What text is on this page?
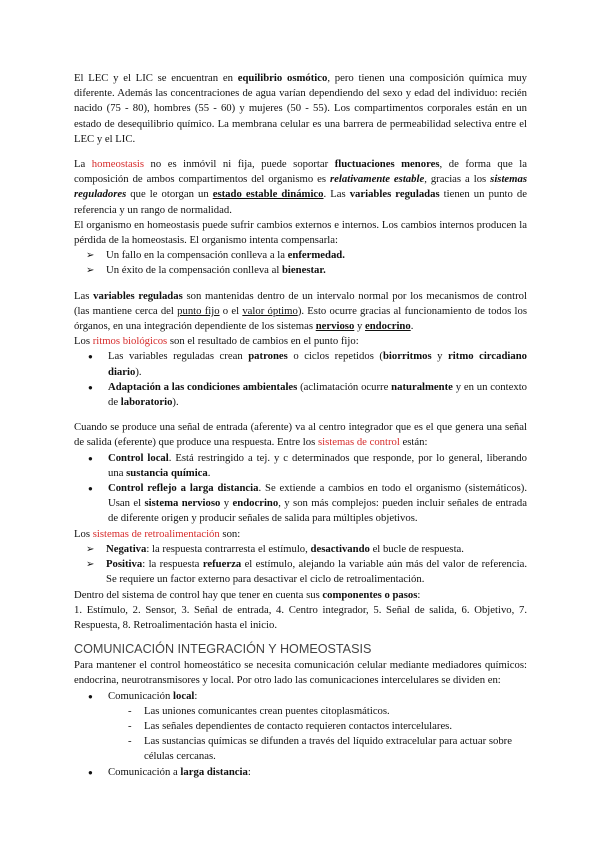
El LEC y el LIC se encuentran en equilibrio osmótico, pero tienen una composición química muy diferente. Además las concentraciones de agua varían dependiendo del sexo y edad del individuo: recién nacido (75 - 80), hombres (55 - 60) y mujeres (50 - 55). Los compartimentos corporales están en un estado de desequilibrio químico. La membrana celular es una barrera de permeabilidad selectiva entre el LEC y el LIC.

La homeostasis no es inmóvil ni fija, puede soportar fluctuaciones menores, de forma que la composición de ambos compartimentos del organismo es relativamente estable, gracias a los sistemas reguladores que le otorgan un estado estable dinámico. Las variables reguladas tienen un punto de referencia y un rango de normalidad.

El organismo en homeostasis puede sufrir cambios externos e internos. Los cambios internos producen la pérdida de la homeostasis. El organismo intenta compensarla:

➢ Un fallo en la compensación conlleva a la enfermedad.
➢ Un éxito de la compensación conlleva al bienestar.

Las variables reguladas son mantenidas dentro de un intervalo normal por los mecanismos de control (las mantiene cerca del punto fijo o el valor óptimo). Esto ocurre gracias al funcionamiento de todos los órganos, en una integración dependiente de los sistemas nervioso y endocrino.

Los ritmos biológicos son el resultado de cambios en el punto fijo:

● Las variables reguladas crean patrones o ciclos repetidos (biorritmos y ritmo circadiano diario).
● Adaptación a las condiciones ambientales (aclimatación ocurre naturalmente y en un contexto de laboratorio).

Cuando se produce una señal de entrada (aferente) va al centro integrador que es el que genera una señal de salida (eferente) que produce una respuesta. Entre los sistemas de control están:

● Control local. Está restringido a tej. y c determinados que responde, por lo general, liberando una sustancia química.
● Control reflejo a larga distancia. Se extiende a cambios en todo el organismo (sistemáticos). Usan el sistema nervioso y endocrino, y son más complejos: pueden incluir señales de entrada de diferente origen y producir señales de salida para múltiples objetivos.

Los sistemas de retroalimentación son:

➢ Negativa: la respuesta contrarresta el estímulo, desactivando el bucle de respuesta.
➢ Positiva: la respuesta refuerza el estímulo, alejando la variable aún más del valor de referencia. Se requiere un factor externo para desactivar el ciclo de retroalimentación.

Dentro del sistema de control hay que tener en cuenta sus componentes o pasos:

1. Estímulo, 2. Sensor, 3. Señal de entrada, 4. Centro integrador, 5. Señal de salida, 6. Objetivo, 7. Respuesta, 8. Retroalimentación hasta el inicio.

COMUNICACIÓN INTEGRACIÓN Y HOMEOSTASIS

Para mantener el control homeostático se necesita comunicación celular mediante mediadores químicos: endocrina, neurotransmisores y local. Por otro lado las comunicaciones intercelulares se dividen en:

● Comunicación local:
- Las uniones comunicantes crean puentes citoplasmáticos.
- Las señales dependientes de contacto requieren contactos intercelulares.
- Las sustancias químicas se difunden a través del líquido extracelular para actuar sobre células cercanas.
● Comunicación a larga distancia:
